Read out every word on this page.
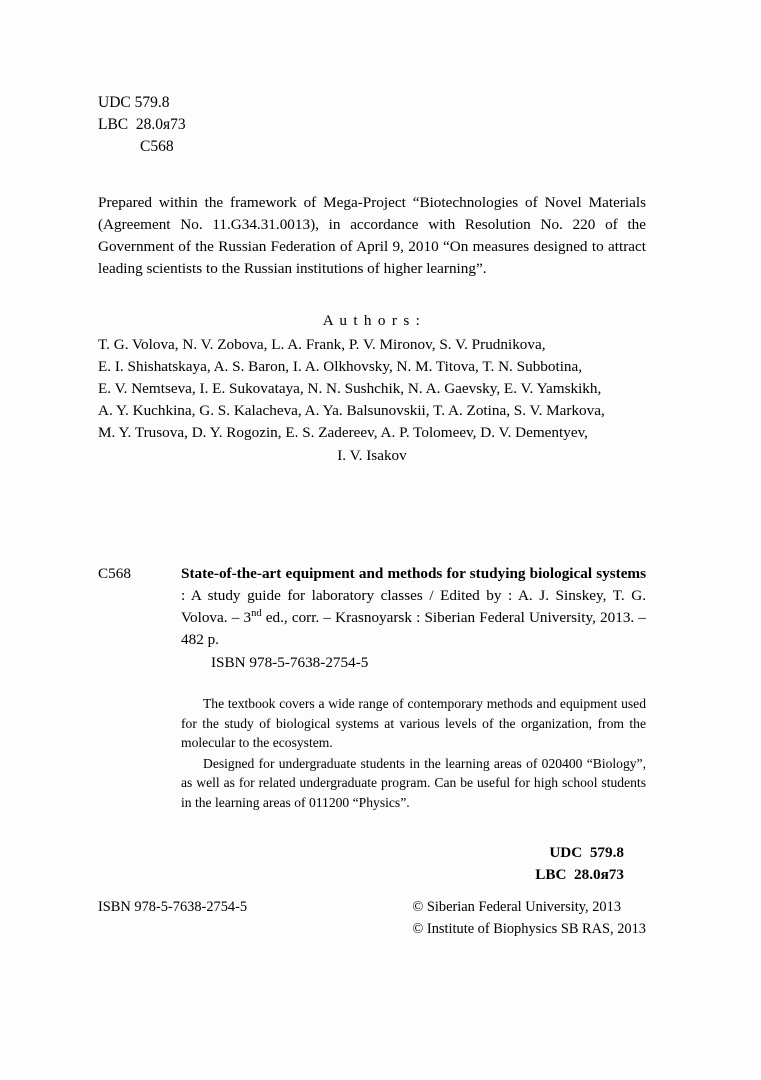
UDC 579.8
LBC  28.0я73
С568
Prepared within the framework of Mega-Project “Biotechnologies of Novel Materials (Agreement No. 11.G34.31.0013), in accordance with Resolution No. 220 of the Government of the Russian Federation of April 9, 2010 “On measures designed to attract leading scientists to the Russian institutions of higher learning”.
A u t h o r s :
T. G. Volova, N. V. Zobova, L. A. Frank, P. V. Mironov, S. V. Prudnikova,
E. I. Shishatskaya, A. S. Baron, I. A. Olkhovsky, N. M. Titova, T. N. Subbotina,
E. V. Nemtseva, I. E. Sukovataya, N. N. Sushchik, N. A. Gaevsky, E. V. Yamskikh,
A. Y. Kuchkina, G. S. Kalacheva, A. Ya. Balsunovskii, T. A. Zotina, S. V. Markova,
M. Y. Trusova, D. Y. Rogozin, E. S. Zadereev, A. P. Tolomeev, D. V. Dementyev,
I. V. Isakov
С568	State-of-the-art equipment and methods for studying biological systems : A study guide for laboratory classes / Edited by : A. J. Sinskey, T. G. Volova. – 3nd ed., corr. – Krasnoyarsk : Siberian Federal University, 2013. – 482 p.
ISBN 978-5-7638-2754-5

The textbook covers a wide range of contemporary methods and equipment used for the study of biological systems at various levels of the organization, from the molecular to the ecosystem.

Designed for undergraduate students in the learning areas of 020400 “Biology”, as well as for related undergraduate program. Can be useful for high school students in the learning areas of 011200 “Physics”.

UDC  579.8
LBC  28.0я73
ISBN 978-5-7638-2754-5	© Siberian Federal University, 2013
© Institute of Biophysics SB RAS, 2013
